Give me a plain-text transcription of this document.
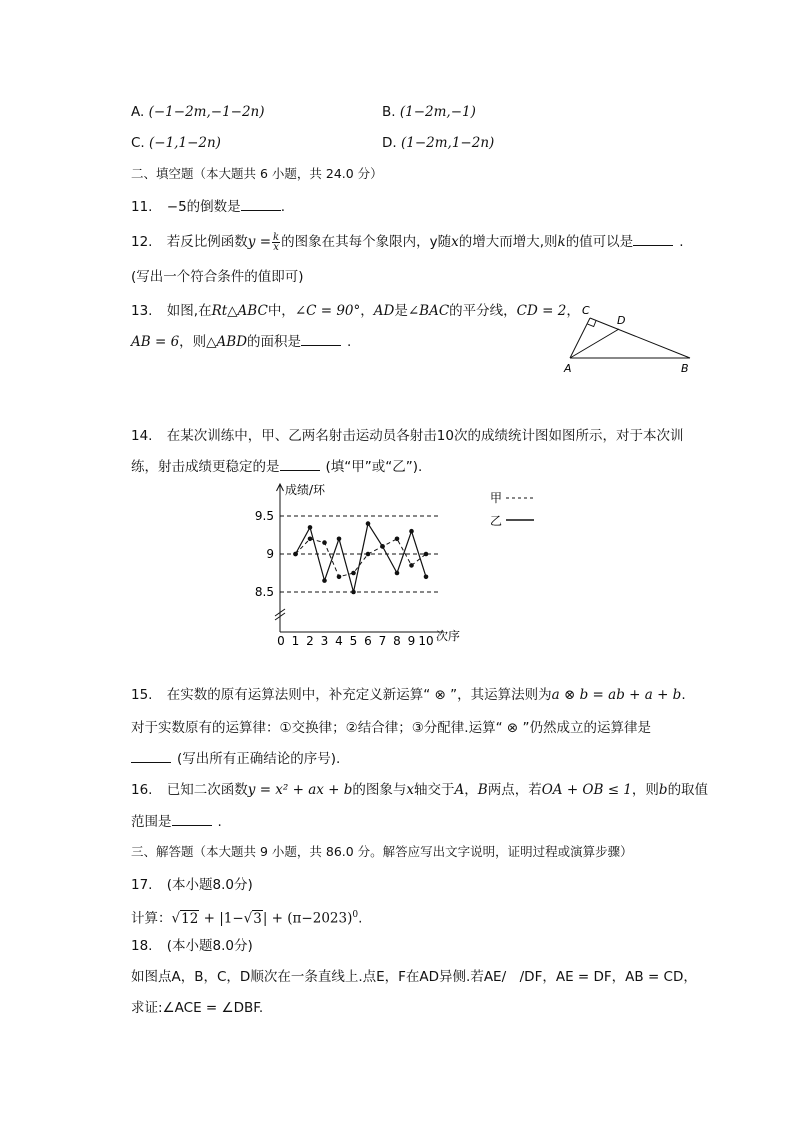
A. (−1−2m,−1−2n)	B. (1−2m,−1)
C. (−1,1−2n)	D. (1−2m,1−2n)
二、填空题（本大题共 6 小题，共 24.0 分）
11. −5的倒数是	.
12. 若反比例函数$y = \frac{k}{x}$ 的图象在其每个象限内，y随x的增大而增大,则k的值可以是	.
(写出一个符合条件的值即可)
13. 如图,在Rt△ABC中，∠C = 90°，AD是∠BAC的平分线，CD = 2，
AB = 6，则△ABD的面积是	.
C
D
A	B
14. 在某次训练中，甲、乙两名射击运动员各射击10次的成绩统计图如图所示，对于本次训
练，射击成绩更稳定的是	(填“甲”或“乙”).
成绩/环
次序
8.5
9
9.5
0 1 2 3 4 5 6 7 8 9 10
甲
乙
15. 在实数的原有运算法则中，补充定义新运算“ ⊗ ”，其运算法则为a ⊗ b = ab + a + b.
对于实数原有的运算律：①交换律；②结合律；③分配律.运算“ ⊗ ”仍然成立的运算律是
(写出所有正确结论的序号).
16. 已知二次函数y = x² + ax + b的图象与x轴交于A，B两点，若OA + OB ≤ 1，则b的取值
范围是	.
三、解答题（本大题共 9 小题，共 86.0 分。解答应写出文字说明，证明过程或演算步骤）
17. (本小题8.0分)
计算：$√12 + |1-√3| + (\pi-2023)^0$.
18. (本小题8.0分)
如图点A，B，C，D顺次在一条直线上.点E，F在AD异侧.若AE/　/DF，AE = DF，AB = CD，
求证:∠ACE = ∠DBF.
